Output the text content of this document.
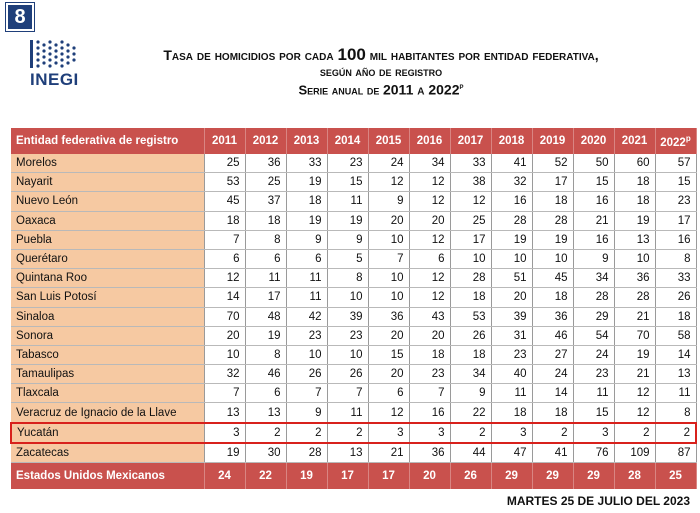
8
INEGI
Tasa de homicidios por cada 100 mil habitantes por entidad federativa,
según año de registro
Serie anual de 2011 a 2022$^p$
Entidad federativa de registro	2011	2012	2013	2014	2015	2016	2017	2018	2019	2020	2021	2022$^p$
Morelos	25	36	33	23	24	34	33	41	52	50	60	57
Nayarit	53	25	19	15	12	12	38	32	17	15	18	15
Nuevo León	45	37	18	11	9	12	12	16	18	16	18	23
Oaxaca	18	18	19	19	20	20	25	28	28	21	19	17
Puebla	7	8	9	9	10	12	17	19	19	16	13	16
Querétaro	6	6	6	5	7	6	10	10	10	9	10	8
Quintana Roo	12	11	11	8	10	12	28	51	45	34	36	33
San Luis Potosí	14	17	11	10	10	12	18	20	18	28	28	26
Sinaloa	70	48	42	39	36	43	53	39	36	29	21	18
Sonora	20	19	23	23	20	20	26	31	46	54	70	58
Tabasco	10	8	10	10	15	18	18	23	27	24	19	14
Tamaulipas	32	46	26	26	20	23	34	40	24	23	21	13
Tlaxcala	7	6	7	7	6	7	9	11	14	11	12	11
Veracruz de Ignacio de la Llave	13	13	9	11	12	16	22	18	18	15	12	8
Yucatán	3	2	2	2	3	3	2	3	2	3	2	2
Zacatecas	19	30	28	13	21	36	44	47	41	76	109	87
Estados Unidos Mexicanos	24	22	19	17	17	20	26	29	29	29	28	25
MARTES 25 DE JULIO DEL 2023
